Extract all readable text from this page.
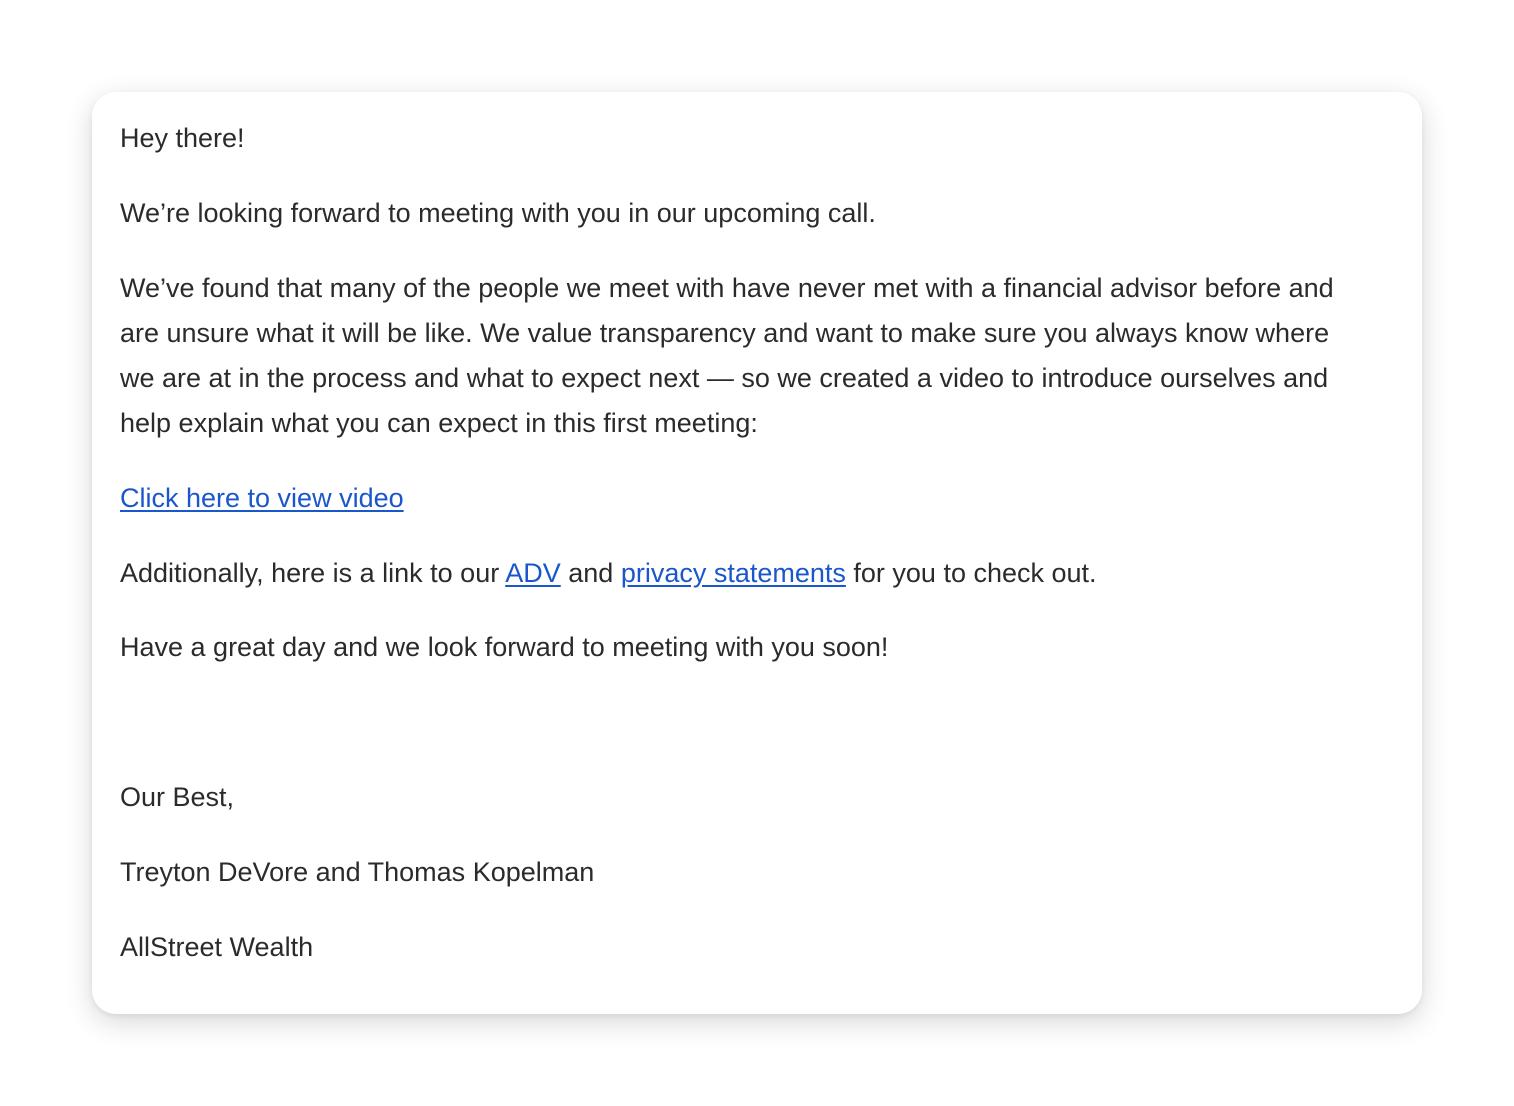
Hey there!

We’re looking forward to meeting with you in our upcoming call.

We’ve found that many of the people we meet with have never met with a financial advisor before and

are unsure what it will be like. We value transparency and want to make sure you always know where

we are at in the process and what to expect next — so we created a video to introduce ourselves and

help explain what you can expect in this first meeting:

Click here to view video

Additionally, here is a link to our ADV and privacy statements for you to check out.

Have a great day and we look forward to meeting with you soon!

Our Best,

Treyton DeVore and Thomas Kopelman

AllStreet Wealth
